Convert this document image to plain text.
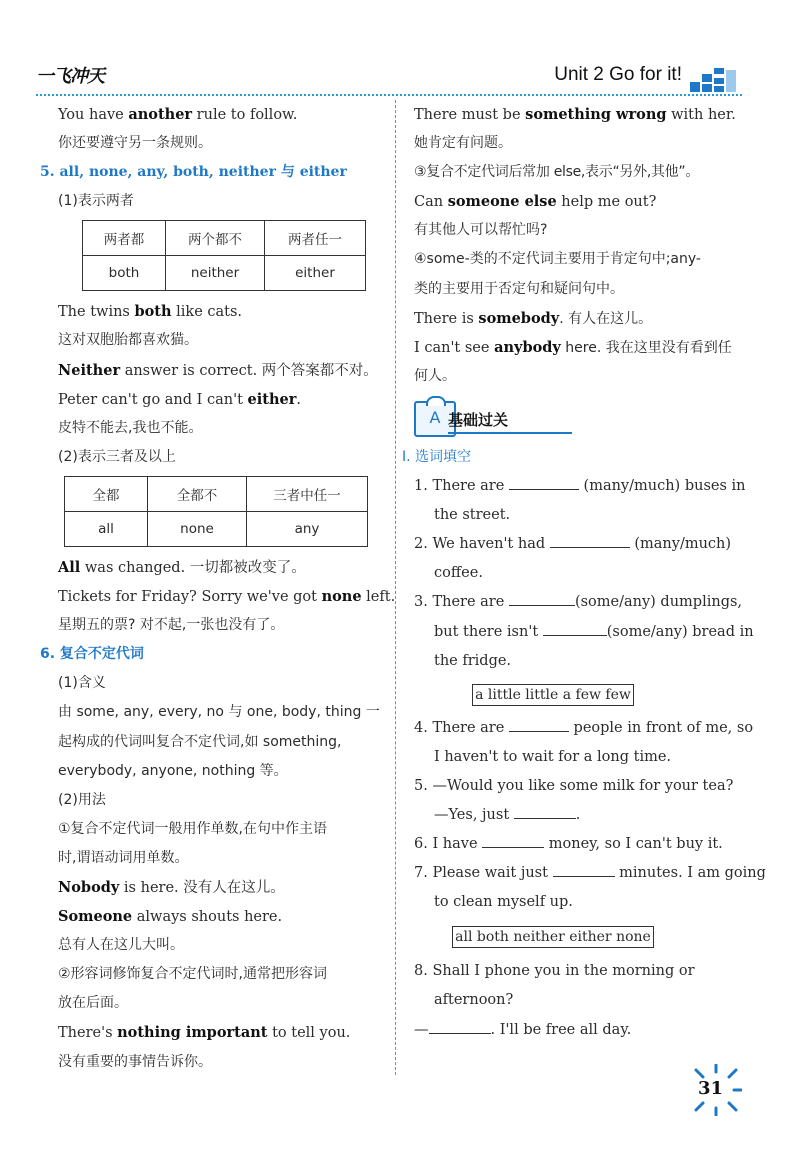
一飞冲天	Unit 2 Go for it!
You have another rule to follow.
你还要遵守另一条规则。
5. all, none, any, both, neither 与 either
(1)表示两者
两者都	两个都不	两者任一
both	neither	either
The twins both like cats.
这对双胞胎都喜欢猫。
Neither answer is correct. 两个答案都不对。
Peter can't go and I can't either.
皮特不能去,我也不能。
(2)表示三者及以上
全都	全都不	三者中任一
all	none	any
All was changed. 一切都被改变了。
Tickets for Friday? Sorry we've got none left.
星期五的票? 对不起,一张也没有了。
6. 复合不定代词
(1)含义
由 some, any, every, no 与 one, body, thing 一
起构成的代词叫复合不定代词,如 something,
everybody, anyone, nothing 等。
(2)用法
①复合不定代词一般用作单数,在句中作主语
时,谓语动词用单数。
Nobody is here. 没有人在这儿。
Someone always shouts here.
总有人在这儿大叫。
②形容词修饰复合不定代词时,通常把形容词
放在后面。
There's nothing important to tell you.
没有重要的事情告诉你。
There must be something wrong with her.
她肯定有问题。
③复合不定代词后常加 else,表示“另外,其他”。
Can someone else help me out?
有其他人可以帮忙吗?
④some-类的不定代词主要用于肯定句中;any-
类的主要用于否定句和疑问句中。
There is somebody. 有人在这儿。
I can't see anybody here. 我在这里没有看到任
何人。
A 基础过关
Ⅰ. 选词填空
1. There are	(many/much) buses in
the street.
2. We haven't had	(many/much)
coffee.
3. There are	(some/any) dumplings,
but there isn't	(some/any) bread in
the fridge.
a little little a few few
4. There are	people in front of me, so
I haven't to wait for a long time.
5. —Would you like some milk for your tea?
—Yes, just	.
6. I have	money, so I can't buy it.
7. Please wait just	minutes. I am going
to clean myself up.
all both neither either none
8. Shall I phone you in the morning or
afternoon?
—	. I'll be free all day.
31
